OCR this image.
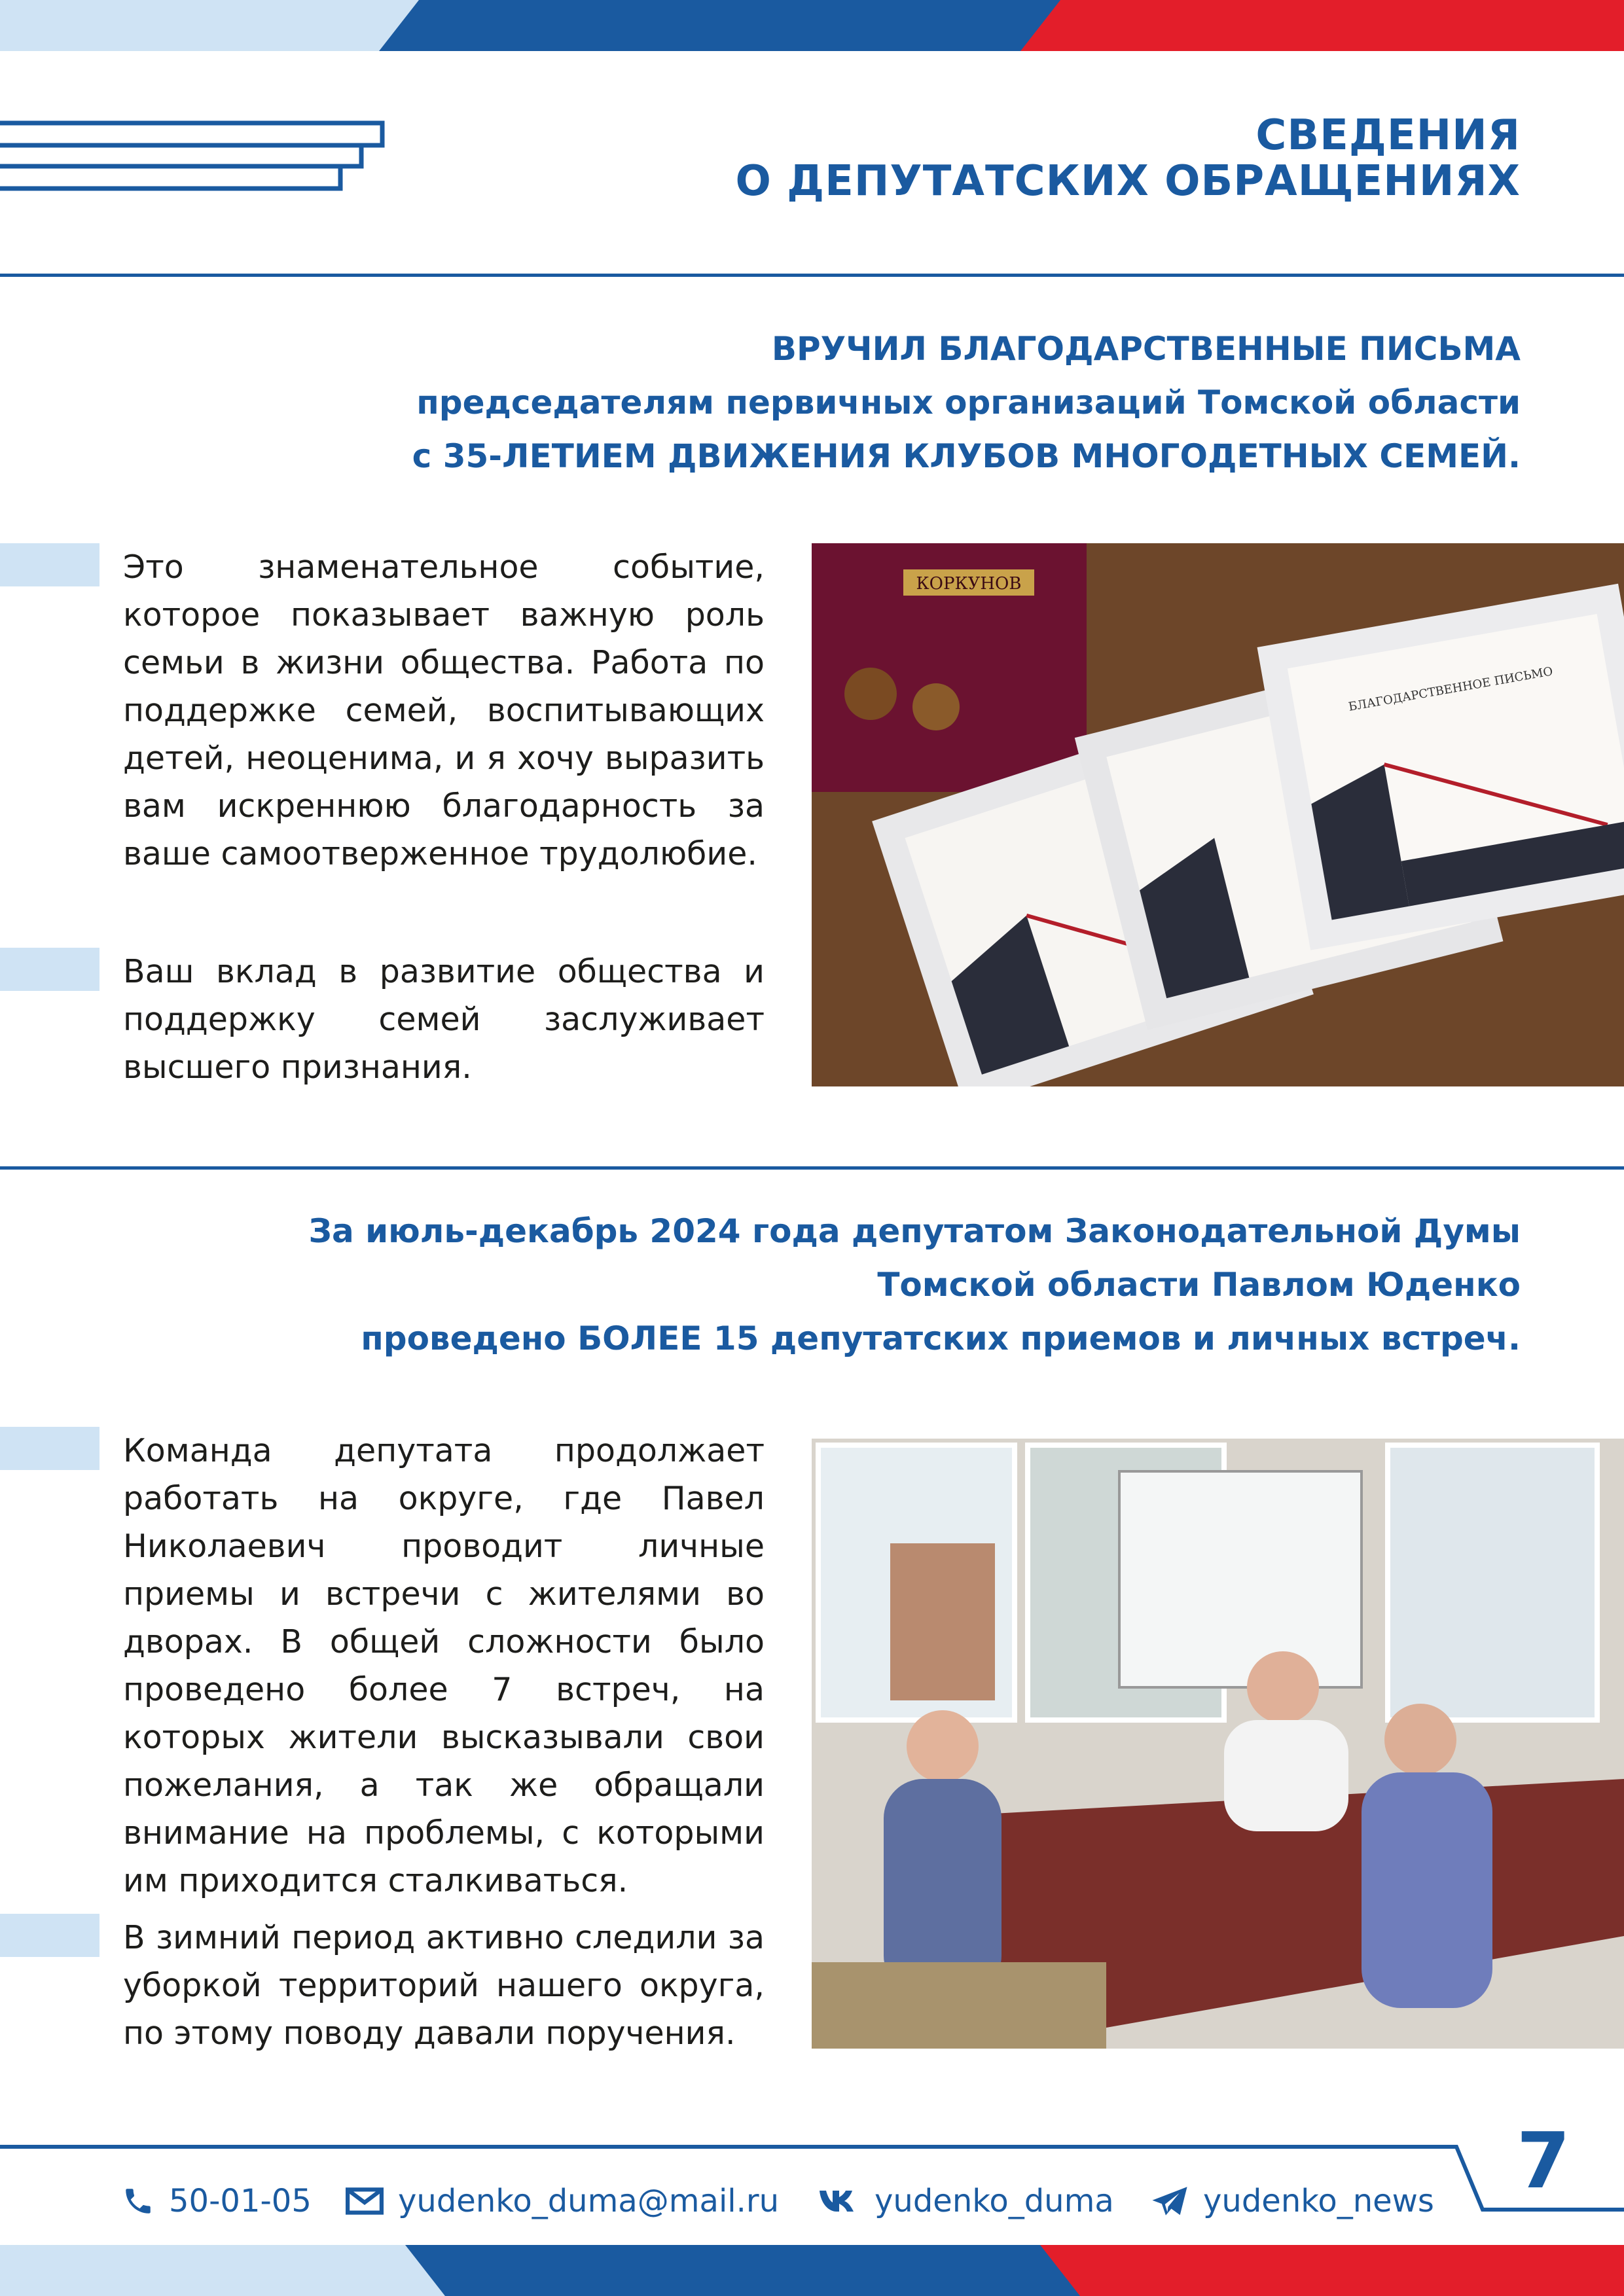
СВЕДЕНИЯ
О ДЕПУТАТСКИХ ОБРАЩЕНИЯХ
ВРУЧИЛ БЛАГОДАРСТВЕННЫЕ ПИСЬМА
председателям первичных организаций Томской области
с 35-ЛЕТИЕМ ДВИЖЕНИЯ КЛУБОВ МНОГОДЕТНЫХ СЕМЕЙ.
Это знаменательное событие, которое показывает важную роль семьи в жизни общества. Работа по поддержке семей, воспитывающих детей, неоценима, и я хочу выразить вам искреннюю благодарность за ваше самоотверженное трудолюбие.
Ваш вклад в развитие общества и поддержку семей заслуживает высшего признания.
КОРКУНОВ
БЛАГОДАРСТВЕННОЕ ПИСЬМО
За июль-декабрь 2024 года депутатом Законодательной Думы
Томской области Павлом Юденко
проведено БОЛЕЕ 15 депутатских приемов и личных встреч.
Команда депутата продолжает работать на округе, где Павел Николаевич проводит личные приемы и встречи с жителями во дворах. В общей сложности было проведено более 7 встреч, на которых жители высказывали свои пожелания, а так же обращали внимание на проблемы, с которыми им приходится сталкиваться.
В зимний период активно следили за уборкой территорий нашего округа, по этому поводу давали поручения.
7
50-01-05	yudenko_duma@mail.ru	yudenko_duma	yudenko_news
